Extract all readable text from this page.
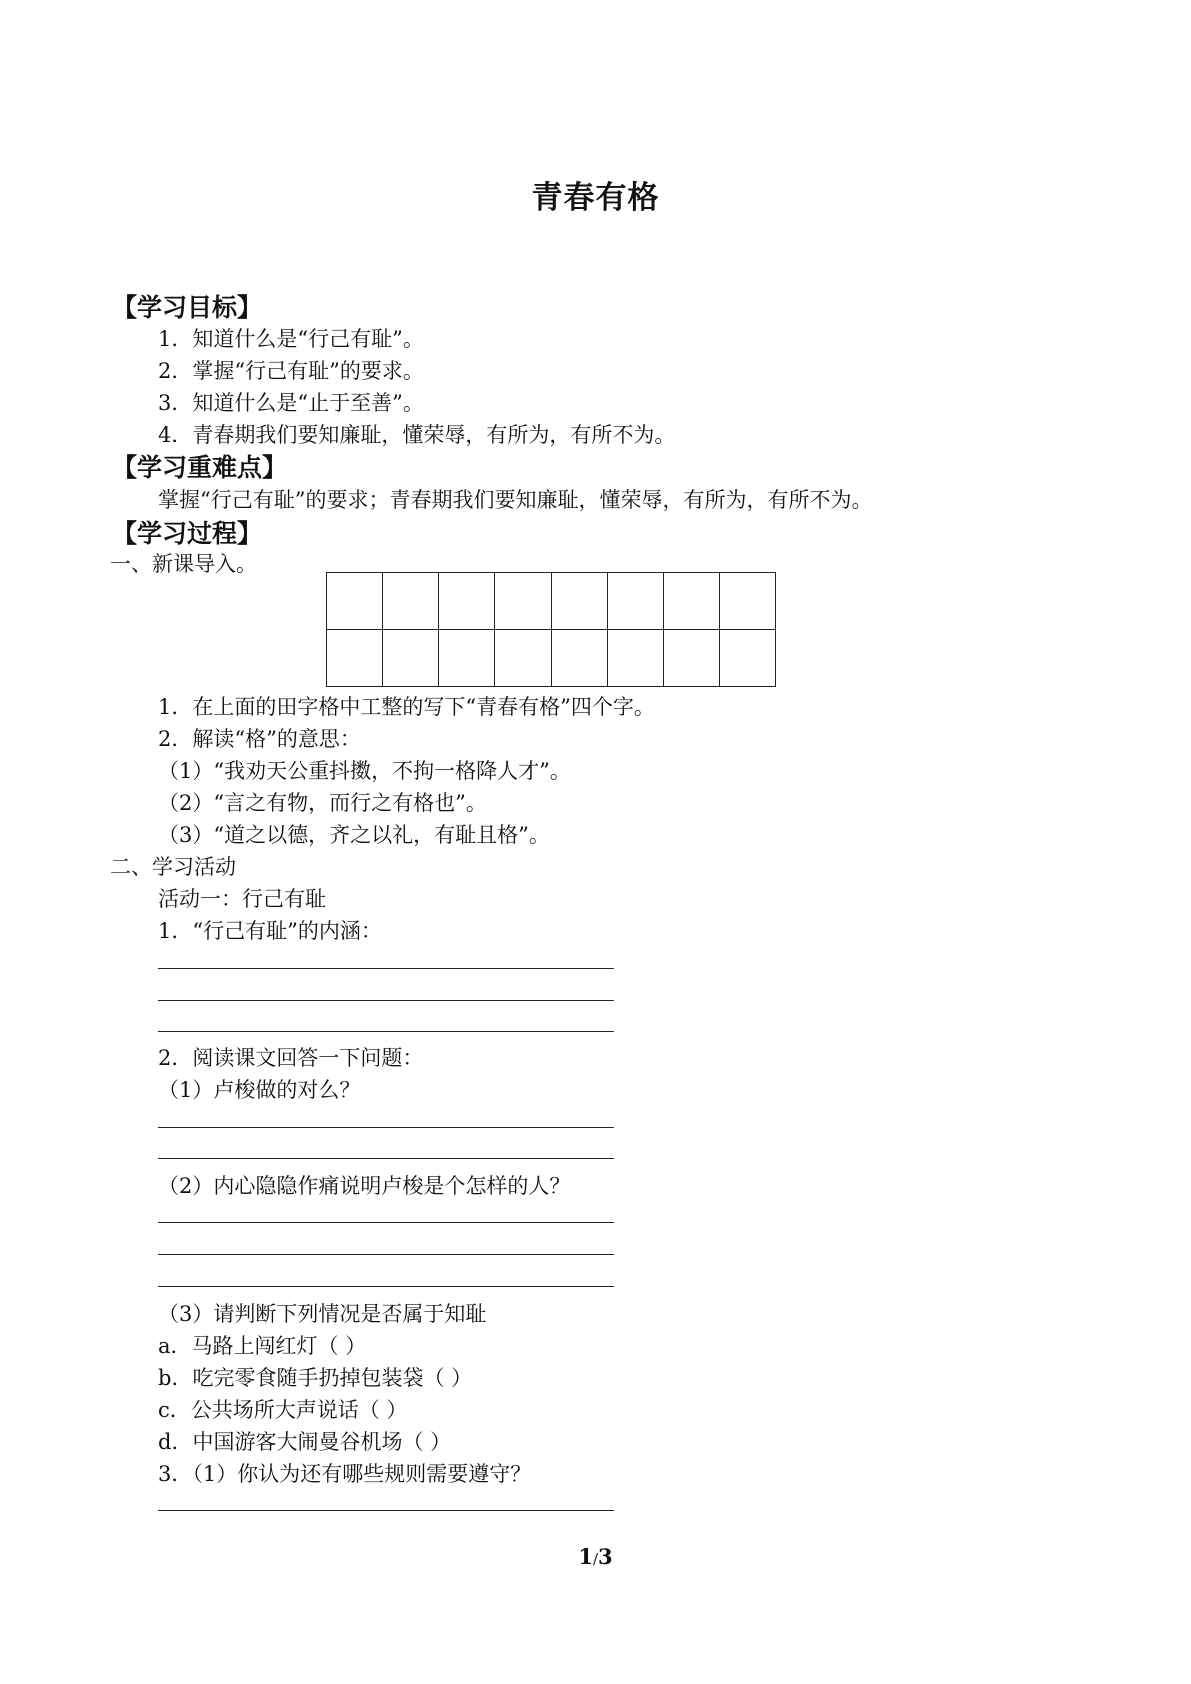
青春有格
【学习目标】
1．知道什么是“行己有耻”。
2．掌握“行己有耻”的要求。
3．知道什么是“止于至善”。
4．青春期我们要知廉耻，懂荣辱，有所为，有所不为。
【学习重难点】
掌握“行己有耻”的要求；青春期我们要知廉耻，懂荣辱，有所为，有所不为。
【学习过程】
一、新课导入。

1．在上面的田字格中工整的写下“青春有格”四个字。
2．解读“格”的意思：
（1）“我劝天公重抖擞，不拘一格降人才”。
（2）“言之有物，而行之有格也”。
（3）“道之以德，齐之以礼，有耻且格”。
二、学习活动
活动一：行己有耻
1．“行己有耻”的内涵：
2．阅读课文回答一下问题：
（1）卢梭做的对么？
（2）内心隐隐作痛说明卢梭是个怎样的人？
（3）请判断下列情况是否属于知耻
a．马路上闯红灯（ ）
b．吃完零食随手扔掉包装袋（ ）
c．公共场所大声说话（ ）
d．中国游客大闹曼谷机场（ ）
3．（1）你认为还有哪些规则需要遵守？
1/3
